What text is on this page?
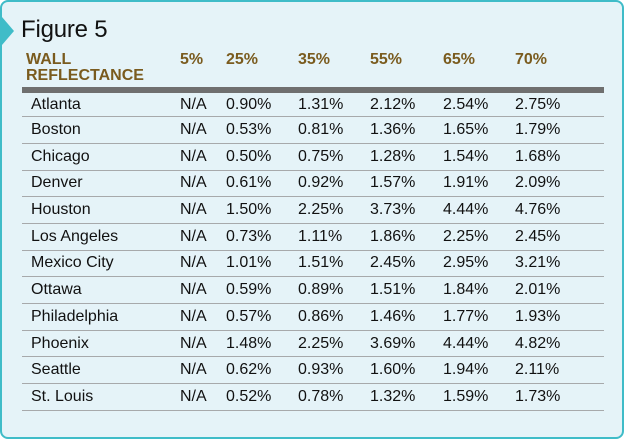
Figure 5
WALL
REFLECTANCE	5%	25%	35%	55%	65%	70%
Atlanta	N/A	0.90%	1.31%	2.12%	2.54%	2.75%
Boston	N/A	0.53%	0.81%	1.36%	1.65%	1.79%
Chicago	N/A	0.50%	0.75%	1.28%	1.54%	1.68%
Denver	N/A	0.61%	0.92%	1.57%	1.91%	2.09%
Houston	N/A	1.50%	2.25%	3.73%	4.44%	4.76%
Los Angeles	N/A	0.73%	1.11%	1.86%	2.25%	2.45%
Mexico City	N/A	1.01%	1.51%	2.45%	2.95%	3.21%
Ottawa	N/A	0.59%	0.89%	1.51%	1.84%	2.01%
Philadelphia	N/A	0.57%	0.86%	1.46%	1.77%	1.93%
Phoenix	N/A	1.48%	2.25%	3.69%	4.44%	4.82%
Seattle	N/A	0.62%	0.93%	1.60%	1.94%	2.11%
St. Louis	N/A	0.52%	0.78%	1.32%	1.59%	1.73%
